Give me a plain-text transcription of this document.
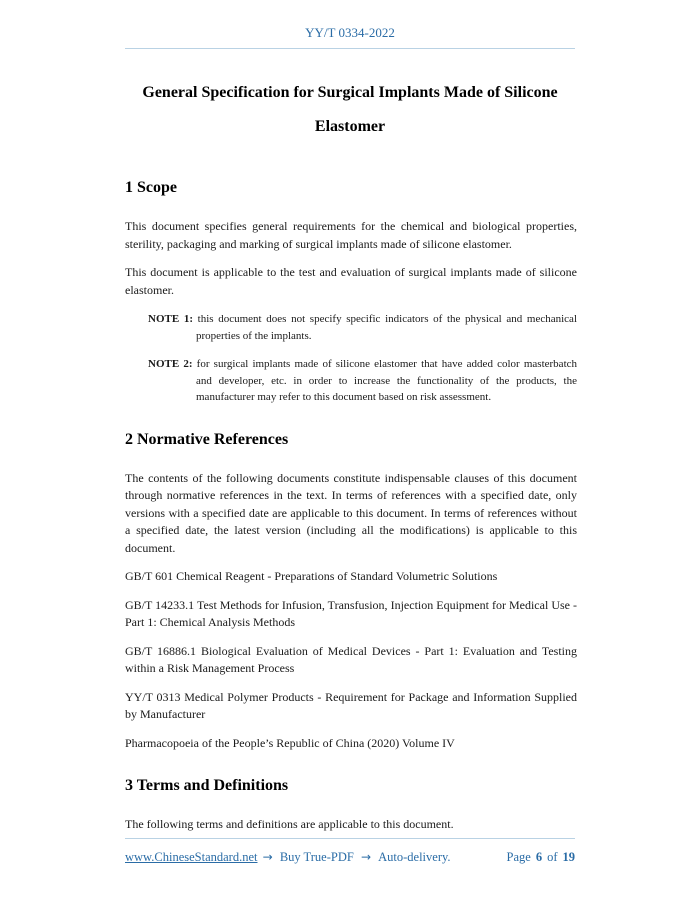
YY/T 0334-2022
General Specification for Surgical Implants Made of Silicone
Elastomer
1 Scope

This document specifies general requirements for the chemical and biological properties, sterility, packaging and marking of surgical implants made of silicone elastomer.

This document is applicable to the test and evaluation of surgical implants made of silicone elastomer.

NOTE 1: this document does not specify specific indicators of the physical and mechanical properties of the implants.

NOTE 2: for surgical implants made of silicone elastomer that have added color masterbatch and developer, etc. in order to increase the functionality of the products, the manufacturer may refer to this document based on risk assessment.

2 Normative References

The contents of the following documents constitute indispensable clauses of this document through normative references in the text. In terms of references with a specified date, only versions with a specified date are applicable to this document. In terms of references without a specified date, the latest version (including all the modifications) is applicable to this document.

GB/T 601 Chemical Reagent - Preparations of Standard Volumetric Solutions

GB/T 14233.1 Test Methods for Infusion, Transfusion, Injection Equipment for Medical Use - Part 1: Chemical Analysis Methods

GB/T 16886.1 Biological Evaluation of Medical Devices - Part 1: Evaluation and Testing within a Risk Management Process

YY/T 0313 Medical Polymer Products - Requirement for Package and Information Supplied by Manufacturer

Pharmacopoeia of the People’s Republic of China (2020) Volume IV

3 Terms and Definitions

The following terms and definitions are applicable to this document.

www.ChineseStandard.net → Buy True-PDF → Auto-delivery.	Page 6 of 19
